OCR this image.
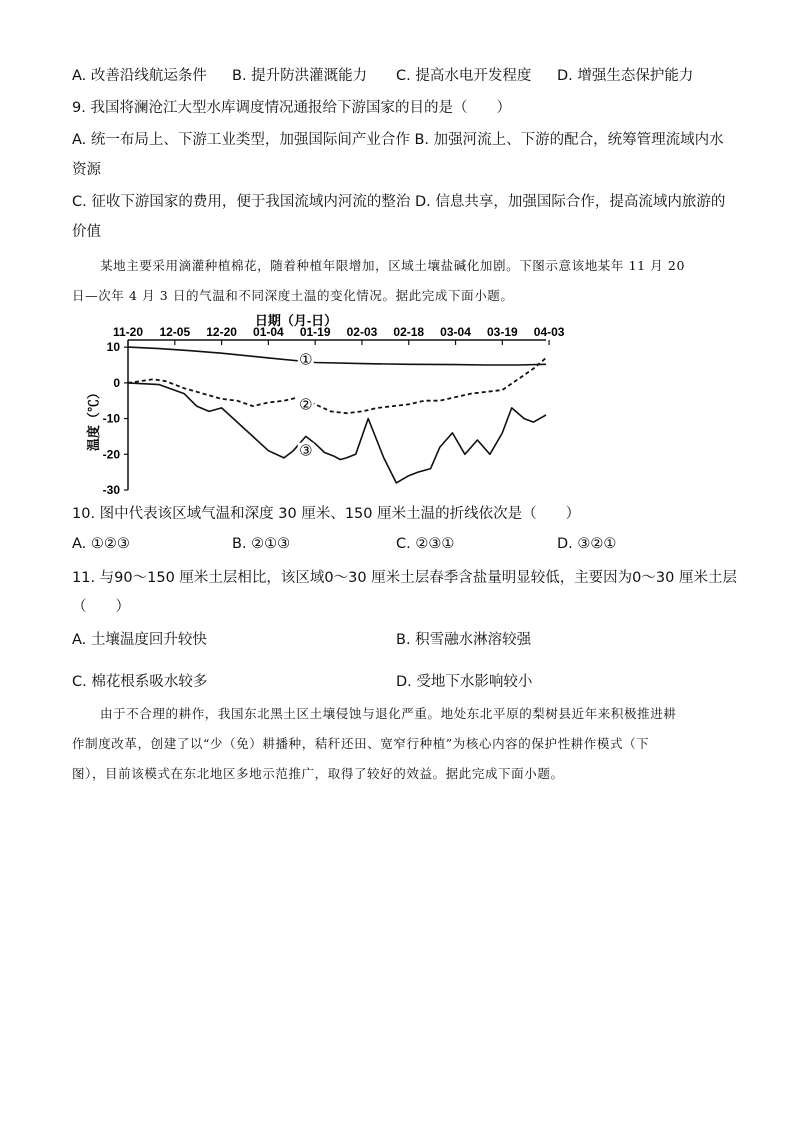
A. 改善沿线航运条件 B. 提升防洪灌溉能力 C. 提高水电开发程度 D. 增强生态保护能力
9. 我国将澜沧江大型水库调度情况通报给下游国家的目的是（　　）
A. 统一布局上、下游工业类型，加强国际间产业合作 B. 加强河流上、下游的配合，统筹管理流域内水
资源
C. 征收下游国家的费用，便于我国流域内河流的整治 D. 信息共享，加强国际合作，提高流域内旅游的
价值
某地主要采用滴灌种植棉花，随着种植年限增加，区域土壤盐碱化加剧。下图示意该地某年 11 月 20
日—次年 4 月 3 日的气温和不同深度土温的变化情况。据此完成下面小题。
日期（月-日）
11-20 12-05 12-20 01-04 01-19 02-03 02-18 03-04 03-19 04-03
10
0
-10
-20
-30
温度（℃）
①
②
③
10. 图中代表该区域气温和深度 30 厘米、150 厘米土温的折线依次是（　　）
A. ①②③	B. ②①③	C. ②③①	D. ③②①
11. 与90～150 厘米土层相比，该区域0～30 厘米土层春季含盐量明显较低，主要因为0～30 厘米土层
（　　）
A. 土壤温度回升较快	B. 积雪融水淋溶较强
C. 棉花根系吸水较多	D. 受地下水影响较小
由于不合理的耕作，我国东北黑土区土壤侵蚀与退化严重。地处东北平原的梨树县近年来积极推进耕
作制度改革，创建了以“少（免）耕播种，秸秆还田、宽窄行种植”为核心内容的保护性耕作模式（下
图），目前该模式在东北地区多地示范推广，取得了较好的效益。据此完成下面小题。
